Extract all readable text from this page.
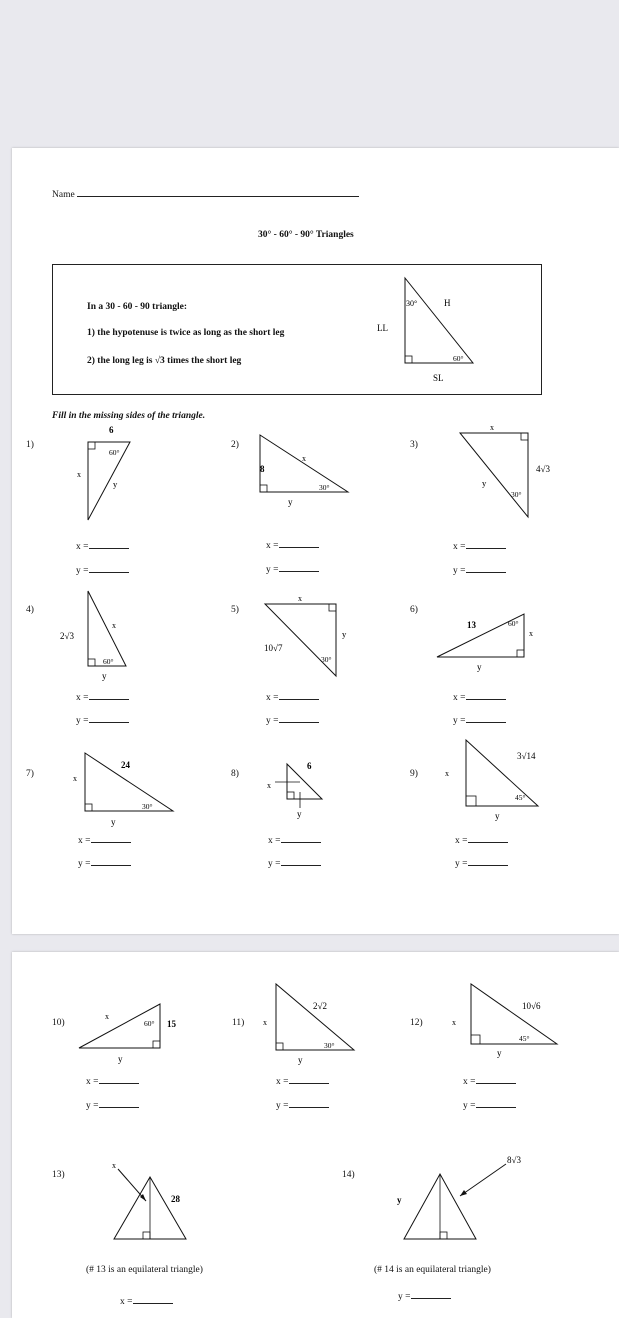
Name
30° - 60° - 90° Triangles
In a 30 - 60 - 90 triangle:
1) the hypotenuse is twice as long as the short leg
2) the long leg is √3 times the short leg
30°
60°
H
LL
SL
Fill in the missing sides of the triangle.
1)
6
60°
x
y
2)
8
x
30°
y
3)
x
4√3
y
30°
4)
2√3
x
60°
y
5)
x
10√7
y
30°
6)
13	60°
x
y
7)
24
x
30°
y
8)
6
x
y
9)
3√14
x
45°
y
x =
y =
x =
y =
x =
y =
x =
y =
x =
y =
x =
y =
x =
y =
x =
y =
x =
y =
10)
x
60° 15
y
11)
2√2
x
30°
y
12)
10√6
x
45°
y
x =
y =
x =
y =
x =
y =
13)
x
28
(# 13 is an equilateral triangle)
x =
14)
8√3
y
(# 14 is an equilateral triangle)
y =
